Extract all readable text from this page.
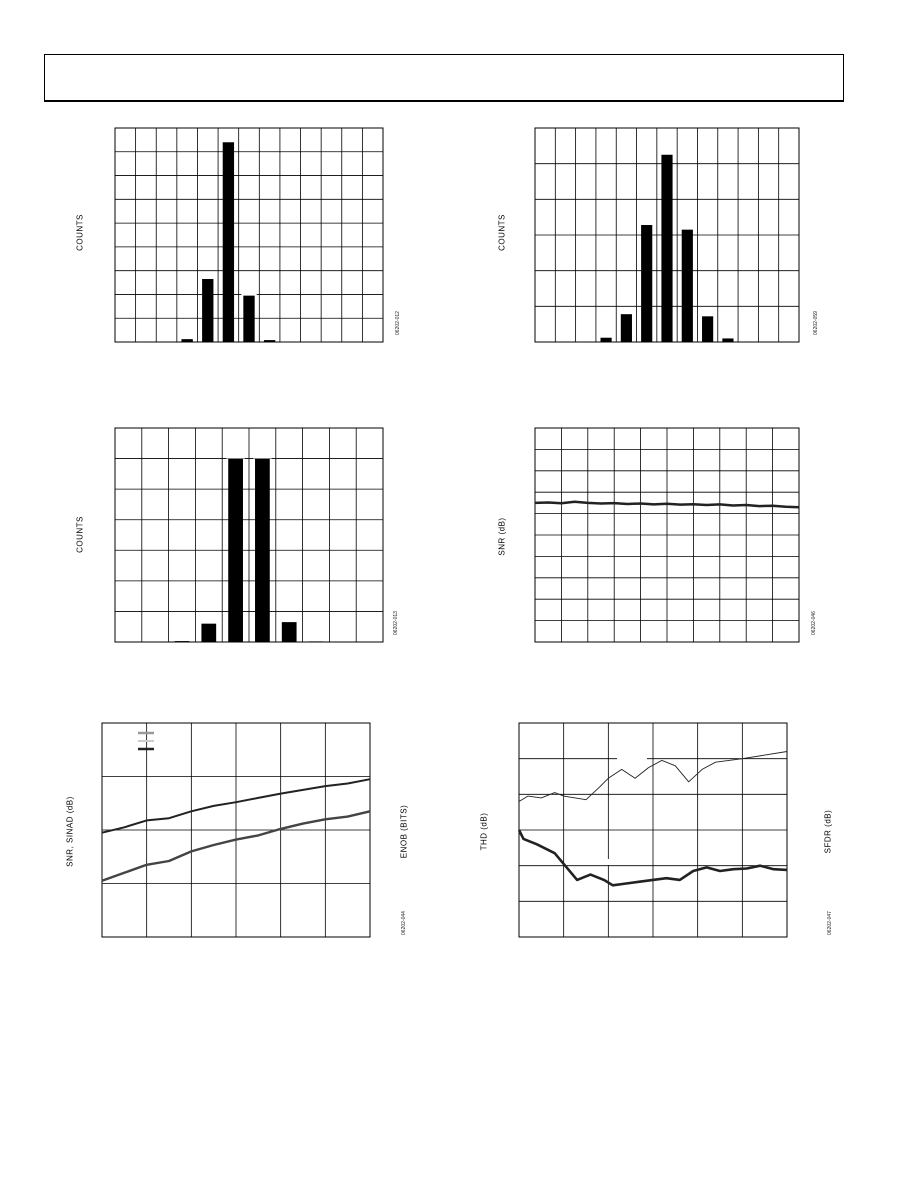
COUNTS
06202-012
COUNTS
06202-059
COUNTS
06202-013
SNR (dB)
06202-046
SNR, SINAD (dB)	ENOB (BITS)
06202-044
THD (dB)	SFDR (dB)
06202-047
